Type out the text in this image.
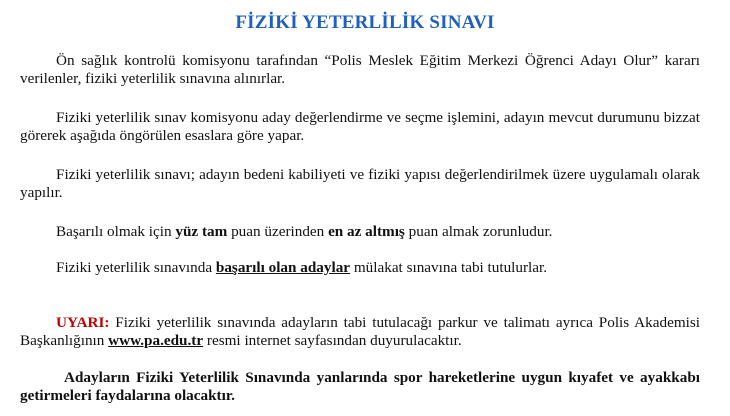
FİZİKİ YETERLİLİK SINAVI

Ön sağlık kontrolü komisyonu tarafından “Polis Meslek Eğitim Merkezi Öğrenci Adayı Olur” kararı verilenler, fiziki yeterlilik sınavına alınırlar.

Fiziki yeterlilik sınav komisyonu aday değerlendirme ve seçme işlemini, adayın mevcut durumunu bizzat görerek aşağıda öngörülen esaslara göre yapar.

Fiziki yeterlilik sınavı; adayın bedeni kabiliyeti ve fiziki yapısı değerlendirilmek üzere uygulamalı olarak yapılır.

Başarılı olmak için yüz tam puan üzerinden en az altmış puan almak zorunludur.

Fiziki yeterlilik sınavında başarılı olan adaylar mülakat sınavına tabi tutulurlar.

UYARI: Fiziki yeterlilik sınavında adayların tabi tutulacağı parkur ve talimatı ayrıca Polis Akademisi Başkanlığının www.pa.edu.tr resmi internet sayfasından duyurulacaktır.

Adayların Fiziki Yeterlilik Sınavında yanlarında spor hareketlerine uygun kıyafet ve ayakkabı getirmeleri faydalarına olacaktır.
